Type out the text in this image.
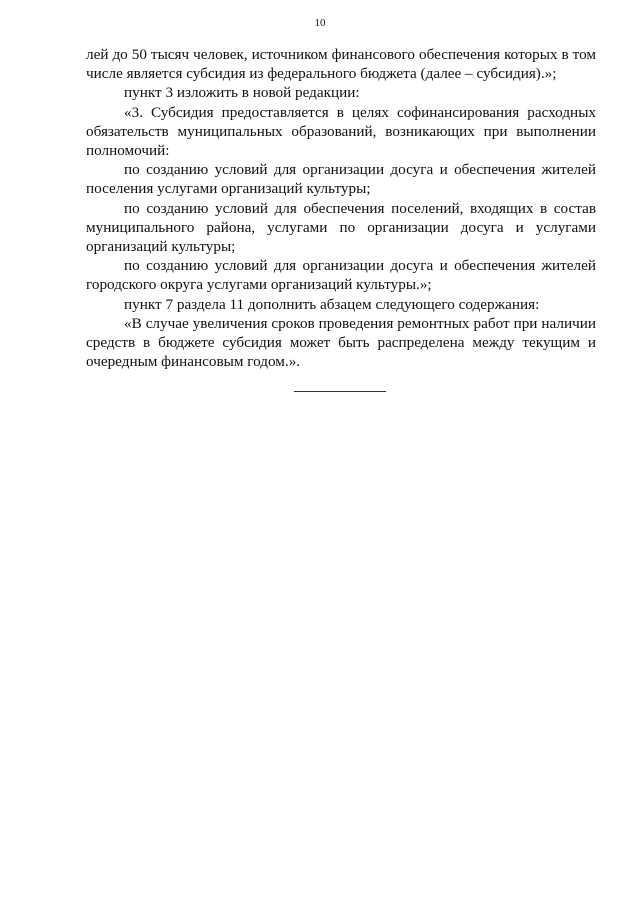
10

лей до 50 тысяч человек, источником финансового обеспечения которых в том числе является субсидия из федерального бюджета (далее – субсидия).»;

пункт 3 изложить в новой редакции:

«3. Субсидия предоставляется в целях софинансирования расходных обязательств муниципальных образований, возникающих при выполнении полномочий:

по созданию условий для организации досуга и обеспечения жителей поселения услугами организаций культуры;

по созданию условий для обеспечения поселений, входящих в состав муниципального района, услугами по организации досуга и услугами организаций культуры;

по созданию условий для организации досуга и обеспечения жителей городского округа услугами организаций культуры.»;

пункт 7 раздела 11 дополнить абзацем следующего содержания:

«В случае увеличения сроков проведения ремонтных работ при наличии средств в бюджете субсидия может быть распределена между текущим и очередным финансовым годом.».
